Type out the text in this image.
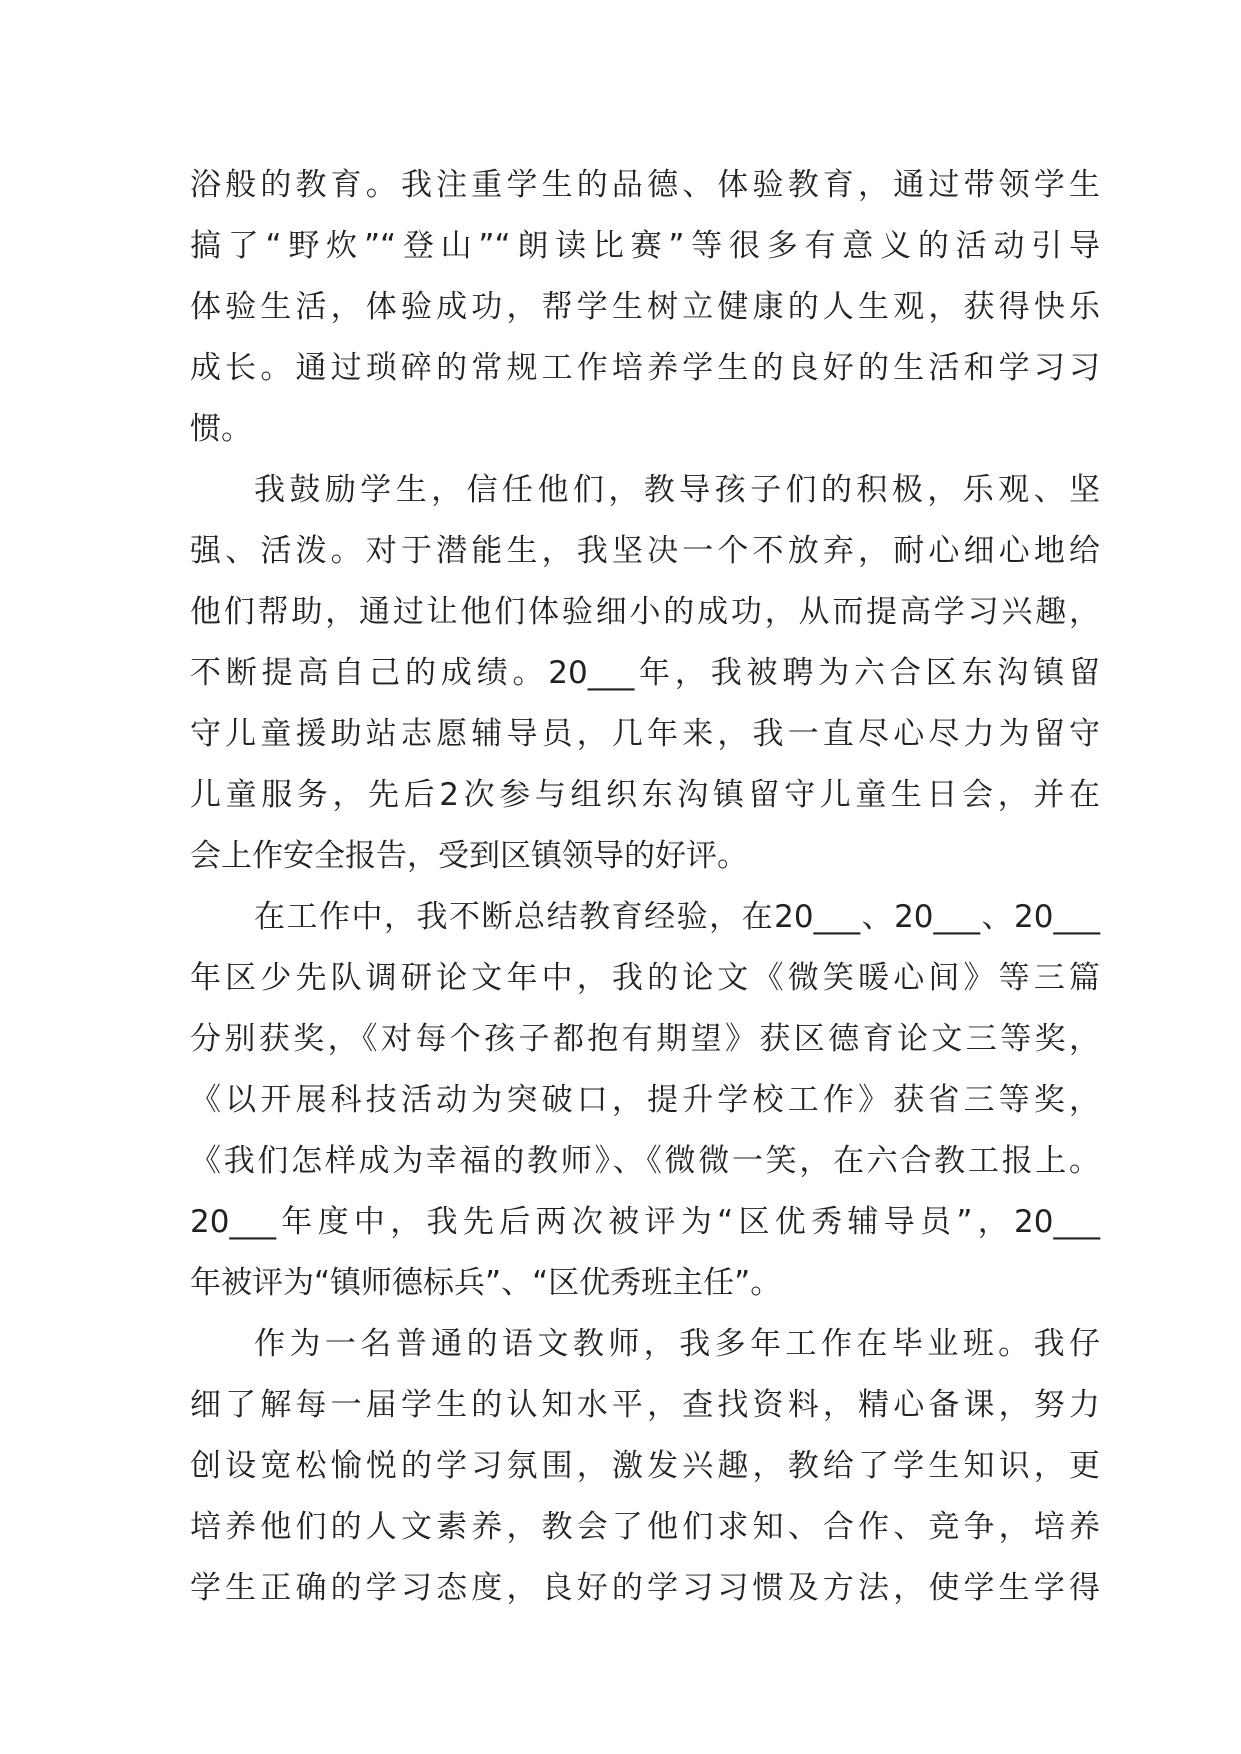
浴般的教育。我注重学生的品德、体验教育，通过带领学生
搞了“野炊”“登山”“朗读比赛”等很多有意义的活动引导
体验生活，体验成功，帮学生树立健康的人生观，获得快乐
成长。通过琐碎的常规工作培养学生的良好的生活和学习习
惯。
我鼓励学生，信任他们，教导孩子们的积极，乐观、坚
强、活泼。对于潜能生，我坚决一个不放弃，耐心细心地给
他们帮助，通过让他们体验细小的成功，从而提高学习兴趣，
不断提高自己的成绩。20___年，我被聘为六合区东沟镇留
守儿童援助站志愿辅导员，几年来，我一直尽心尽力为留守
儿童服务，先后2次参与组织东沟镇留守儿童生日会，并在
会上作安全报告，受到区镇领导的好评。
在工作中，我不断总结教育经验，在20___、20___、20___
年区少先队调研论文年中，我的论文《微笑暖心间》等三篇
分别获奖，《对每个孩子都抱有期望》获区德育论文三等奖，
《以开展科技活动为突破口，提升学校工作》获省三等奖，
《我们怎样成为幸福的教师》、《微微一笑，在六合教工报上。
20___年度中，我先后两次被评为“区优秀辅导员”，20___
年被评为“镇师德标兵”、“区优秀班主任”。
作为一名普通的语文教师，我多年工作在毕业班。我仔
细了解每一届学生的认知水平，查找资料，精心备课，努力
创设宽松愉悦的学习氛围，激发兴趣，教给了学生知识，更
培养他们的人文素养，教会了他们求知、合作、竞争，培养
学生正确的学习态度，良好的学习习惯及方法，使学生学得
